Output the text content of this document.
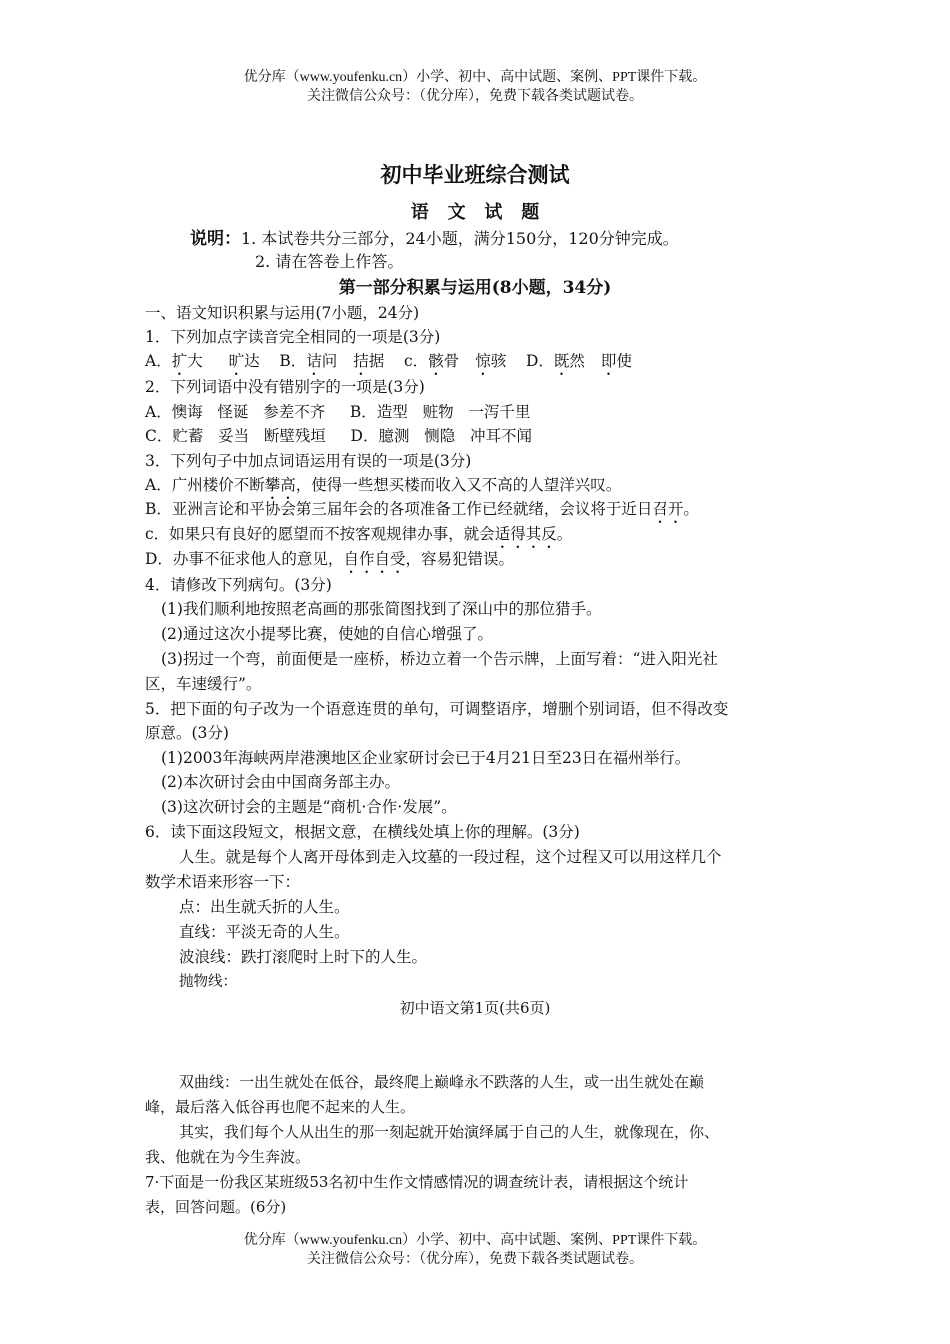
优分库（www.youfenku.cn）小学、初中、高中试题、案例、PPT课件下载。
关注微信公众号：（优分库），免费下载各类试题试卷。
初中毕业班综合测试
语   文   试   题
说明：1. 本试卷共分三部分，24小题，满分150分，120分钟完成。
2. 请在答卷上作答。
第一部分积累与运用(8小题，34分)
一、语文知识积累与运用(7小题，24分)
1．下列加点字读音完全相同的一项是(3分)
A．扩大 旷达    B．诘问 拮据    c．骸骨 惊骇    D．既然 即使
2．下列词语中没有错别字的一项是(3分)
A．懊诲   怪诞   参差不齐     B．造型   赃物   一泻千里
C．贮蓄   妥当   断壁残垣     D．臆测   恻隐   冲耳不闻
3．下列句子中加点词语运用有误的一项是(3分)
A．广州楼价不断攀高，使得一些想买楼而收入又不高的人望洋兴叹。
B．亚洲言论和平协会第三届年会的各项准备工作已经就绪，会议将于近日召开。
c．如果只有良好的愿望而不按客观规律办事，就会适得其反。
D．办事不征求他人的意见，自作自受，容易犯错误。
4．请修改下列病句。(3分)
(1)我们顺利地按照老高画的那张简图找到了深山中的那位猎手。
(2)通过这次小提琴比赛，使她的自信心增强了。
(3)拐过一个弯，前面便是一座桥，桥边立着一个告示牌，上面写着：“进入阳光社
区，车速缓行”。
5．把下面的句子改为一个语意连贯的单句，可调整语序，增删个别词语，但不得改变
原意。(3分)
(1)2003年海峡两岸港澳地区企业家研讨会已于4月21日至23日在福州举行。
(2)本次研讨会由中国商务部主办。
(3)这次研讨会的主题是“商机·合作·发展”。
6．读下面这段短文，根据文意，在横线处填上你的理解。(3分)
人生。就是每个人离开母体到走入坟墓的一段过程，这个过程又可以用这样几个
数学术语来形容一下：
点：出生就夭折的人生。
直线：平淡无奇的人生。
波浪线：跌打滚爬时上时下的人生。
抛物线：
初中语文第1页(共6页)
双曲线：一出生就处在低谷，最终爬上巅峰永不跌落的人生，或一出生就处在巅
峰，最后落入低谷再也爬不起来的人生。
其实，我们每个人从出生的那一刻起就开始演绎属于自己的人生，就像现在，你、
我、他就在为今生奔波。
7·下面是一份我区某班级53名初中生作文情感情况的调查统计表，请根据这个统计
表，回答问题。(6分)
优分库（www.youfenku.cn）小学、初中、高中试题、案例、PPT课件下载。
关注微信公众号：（优分库），免费下载各类试题试卷。
